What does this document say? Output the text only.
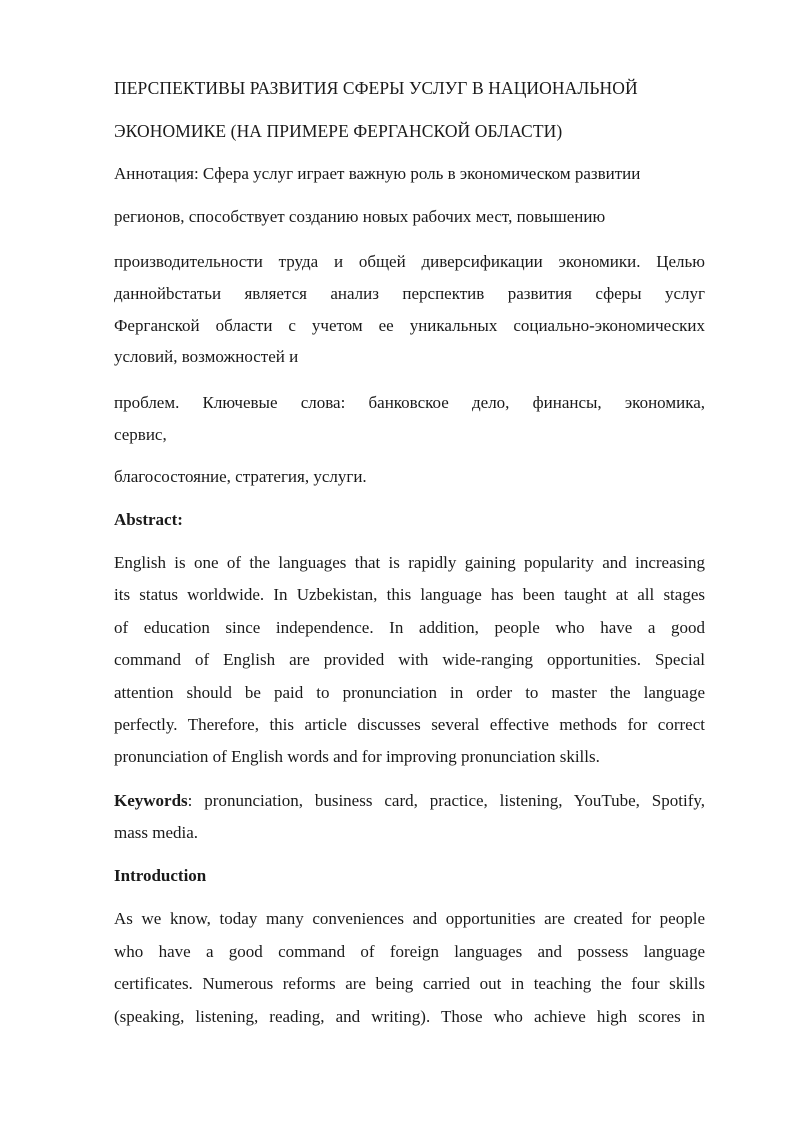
ПЕРСПЕКТИВЫ РАЗВИТИЯ СФЕРЫ УСЛУГ В НАЦИОНАЛЬНОЙ

ЭКОНОМИКЕ (НА ПРИМЕРЕ ФЕРГАНСКОЙ ОБЛАСТИ)

Аннотация: Сфера услуг играет важную роль в экономическом развитии

регионов, способствует созданию новых рабочих мест, повышению

производительности труда и общей диверсификации экономики. Целью

даннойbстатьи является анализ перспектив развития сферы услуг

Ферганской области с учетом ее уникальных социально-экономических

условий, возможностей и

проблем. Ключевые слова: банковское дело, финансы, экономика,

сервис,

благосостояние, стратегия, услуги.

Abstract:

English is one of the languages that is rapidly gaining popularity and increasing

its status worldwide. In Uzbekistan, this language has been taught at all stages

of education since independence. In addition, people who have a good

command of English are provided with wide-ranging opportunities. Special

attention should be paid to pronunciation in order to master the language

perfectly. Therefore, this article discusses several effective methods for correct

pronunciation of English words and for improving pronunciation skills.

Keywords: pronunciation, business card, practice, listening, YouTube, Spotify,

mass media.

Introduction

As we know, today many conveniences and opportunities are created for people

who have a good command of foreign languages and possess language

certificates. Numerous reforms are being carried out in teaching the four skills

(speaking, listening, reading, and writing). Those who achieve high scores in
